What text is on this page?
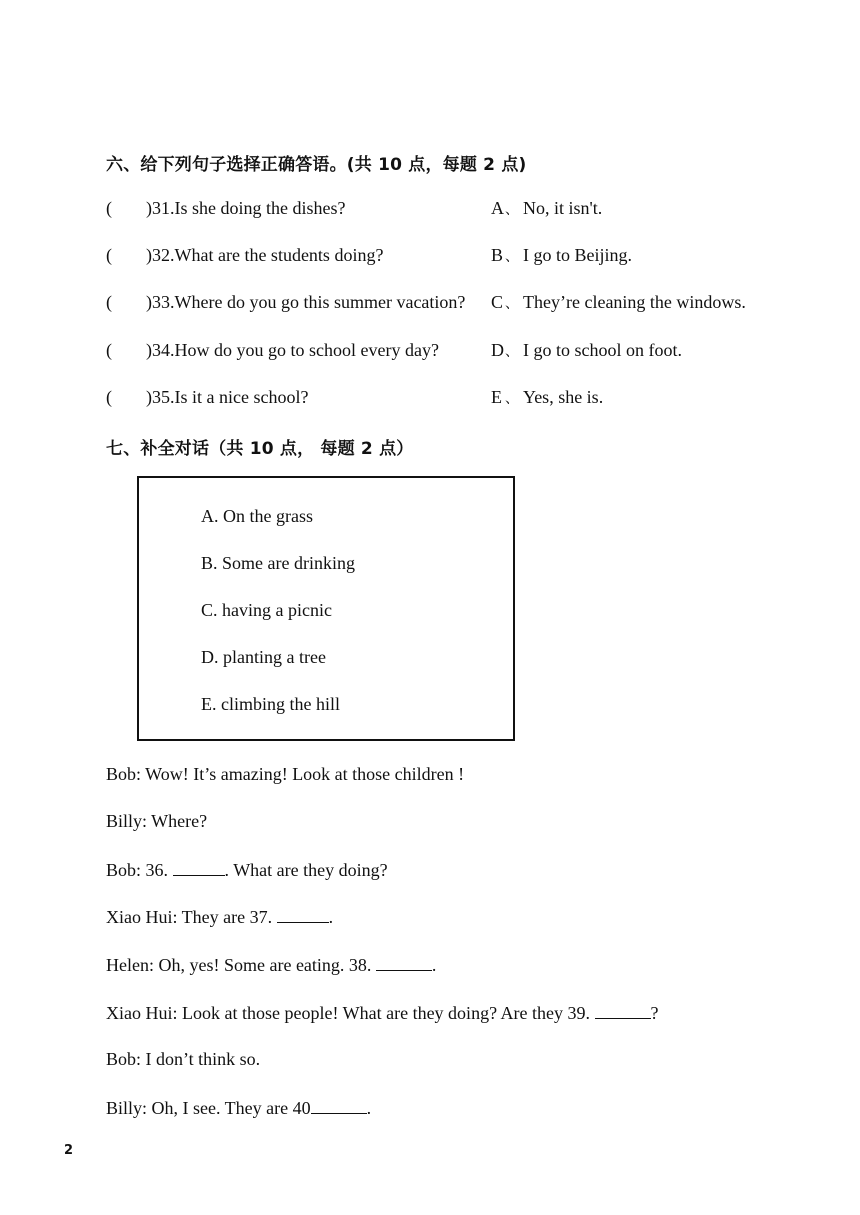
六、给下列句子选择正确答语。(共 10 点，每题 2 点)
( )31.Is she doing the dishes?	A、 No, it isn't.
( )32.What are the students doing?	B 、 I go to Beijing.
( )33.Where do you go this summer vacation? C 、 They’re cleaning the windows.
( )34.How do you go to school every day?	D、 I go to school on foot.
( )35.Is it a nice school?	E 、 Yes, she is.
七、补全对话（共 10 点， 每题 2 点）
A. On the grass
B. Some are drinking
C. having a picnic
D. planting a tree
E. climbing the hill
Bob: Wow! It’s amazing! Look at those children !
Billy: Where?
Bob: 36.	. What are they doing?
Xiao Hui: They are 37.	.
Helen: Oh, yes! Some are eating. 38.	.
Xiao Hui: Look at those people! What are they doing? Are they 39.	?
Bob: I don’t think so.
Billy: Oh, I see. They are 40	.
2
